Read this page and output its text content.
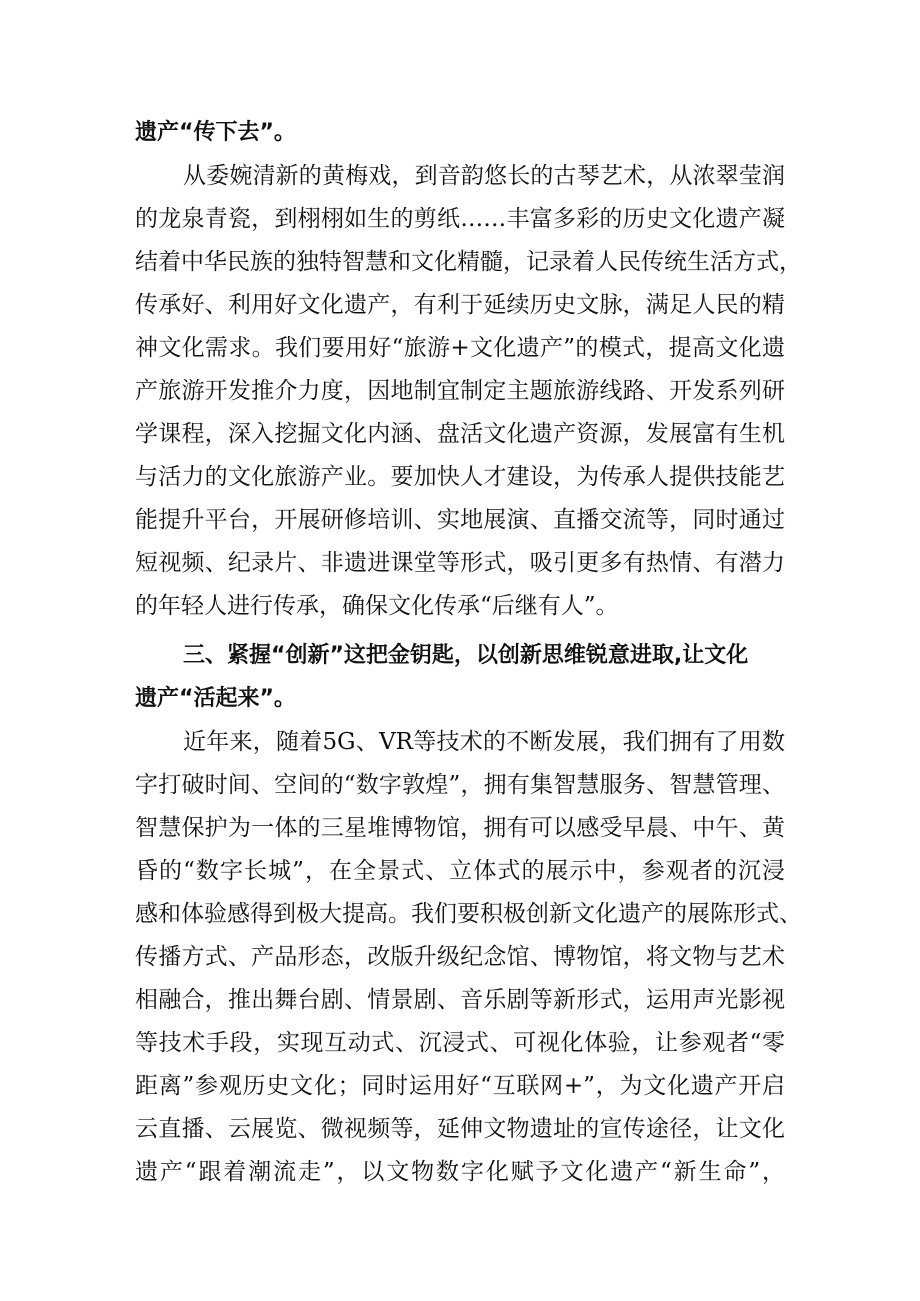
遗产“传下去”。
从委婉清新的黄梅戏，到音韵悠长的古琴艺术，从浓翠莹润
的龙泉青瓷，到栩栩如生的剪纸……丰富多彩的历史文化遗产凝
结着中华民族的独特智慧和文化精髓，记录着人民传统生活方式，
传承好、利用好文化遗产，有利于延续历史文脉，满足人民的精
神文化需求。我们要用好“旅游+文化遗产”的模式，提高文化遗
产旅游开发推介力度，因地制宜制定主题旅游线路、开发系列研
学课程，深入挖掘文化内涵、盘活文化遗产资源，发展富有生机
与活力的文化旅游产业。要加快人才建设，为传承人提供技能艺
能提升平台，开展研修培训、实地展演、直播交流等，同时通过
短视频、纪录片、非遗进课堂等形式，吸引更多有热情、有潜力
的年轻人进行传承，确保文化传承“后继有人”。
三、紧握“创新”这把金钥匙，以创新思维锐意进取,让文化
遗产“活起来”。
近年来，随着5G、VR等技术的不断发展，我们拥有了用数
字打破时间、空间的“数字敦煌”，拥有集智慧服务、智慧管理、
智慧保护为一体的三星堆博物馆，拥有可以感受早晨、中午、黄
昏的“数字长城”，在全景式、立体式的展示中，参观者的沉浸
感和体验感得到极大提高。我们要积极创新文化遗产的展陈形式、
传播方式、产品形态，改版升级纪念馆、博物馆，将文物与艺术
相融合，推出舞台剧、情景剧、音乐剧等新形式，运用声光影视
等技术手段，实现互动式、沉浸式、可视化体验，让参观者“零
距离”参观历史文化；同时运用好“互联网+”，为文化遗产开启
云直播、云展览、微视频等，延伸文物遗址的宣传途径，让文化
遗产“跟着潮流走”，以文物数字化赋予文化遗产“新生命”，
